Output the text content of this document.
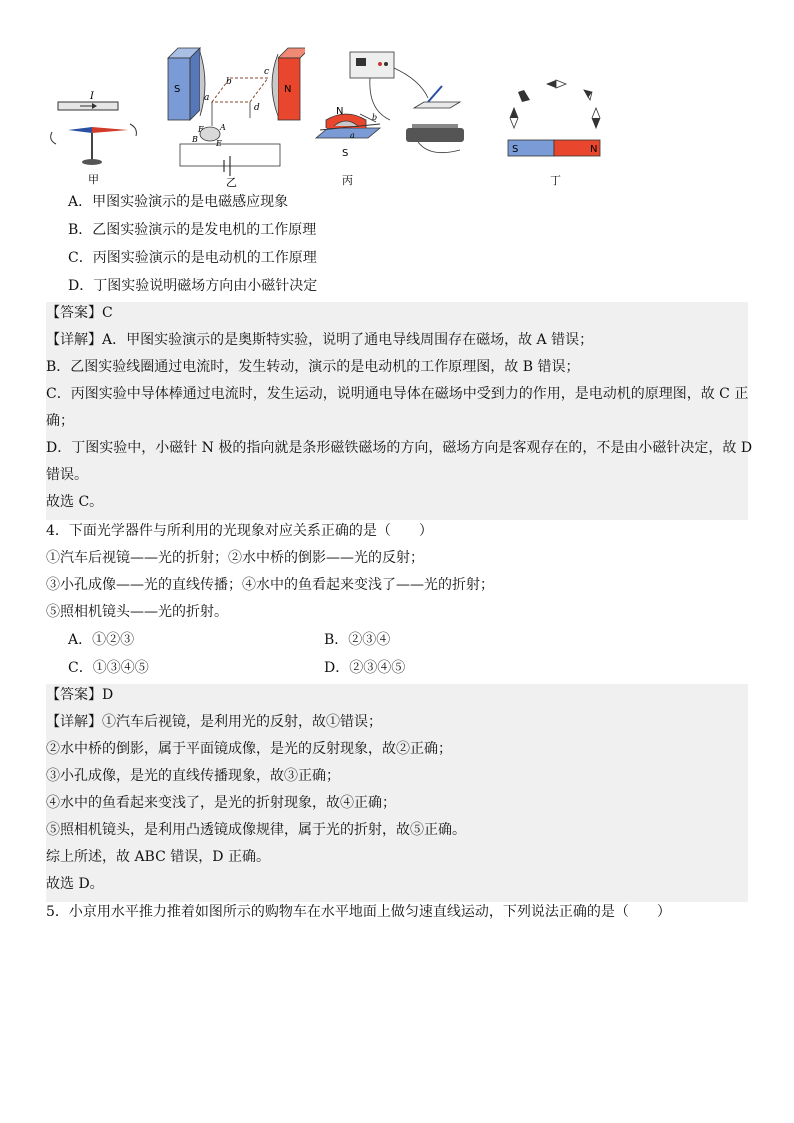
I
甲
S	N
a
b
c
d
F A
B E
乙
N
S
a
b
丙
S	N
丁
A．甲图实验演示的是电磁感应现象
B．乙图实验演示的是发电机的工作原理
C．丙图实验演示的是电动机的工作原理
D．丁图实验说明磁场方向由小磁针决定
【答案】C
【详解】A．甲图实验演示的是奥斯特实验，说明了通电导线周围存在磁场，故 A 错误；
B．乙图实验线圈通过电流时，发生转动，演示的是电动机的工作原理图，故 B 错误；
C．丙图实验中导体棒通过电流时，发生运动，说明通电导体在磁场中受到力的作用，是电动机的原理图，故 C 正
确；
D．丁图实验中，小磁针 N 极的指向就是条形磁铁磁场的方向，磁场方向是客观存在的，不是由小磁针决定，故 D
错误。
故选 C。
4．下面光学器件与所利用的光现象对应关系正确的是（　　）
①汽车后视镜——光的折射；②水中桥的倒影——光的反射；
③小孔成像——光的直线传播；④水中的鱼看起来变浅了——光的折射；
⑤照相机镜头——光的折射。
A．①②③	B．②③④
C．①③④⑤	D．②③④⑤
【答案】D
【详解】①汽车后视镜，是利用光的反射，故①错误；
②水中桥的倒影，属于平面镜成像，是光的反射现象，故②正确；
③小孔成像，是光的直线传播现象，故③正确；
④水中的鱼看起来变浅了，是光的折射现象，故④正确；
⑤照相机镜头，是利用凸透镜成像规律，属于光的折射，故⑤正确。
综上所述，故 ABC 错误，D 正确。
故选 D。
5．小京用水平推力推着如图所示的购物车在水平地面上做匀速直线运动，下列说法正确的是（　　）
